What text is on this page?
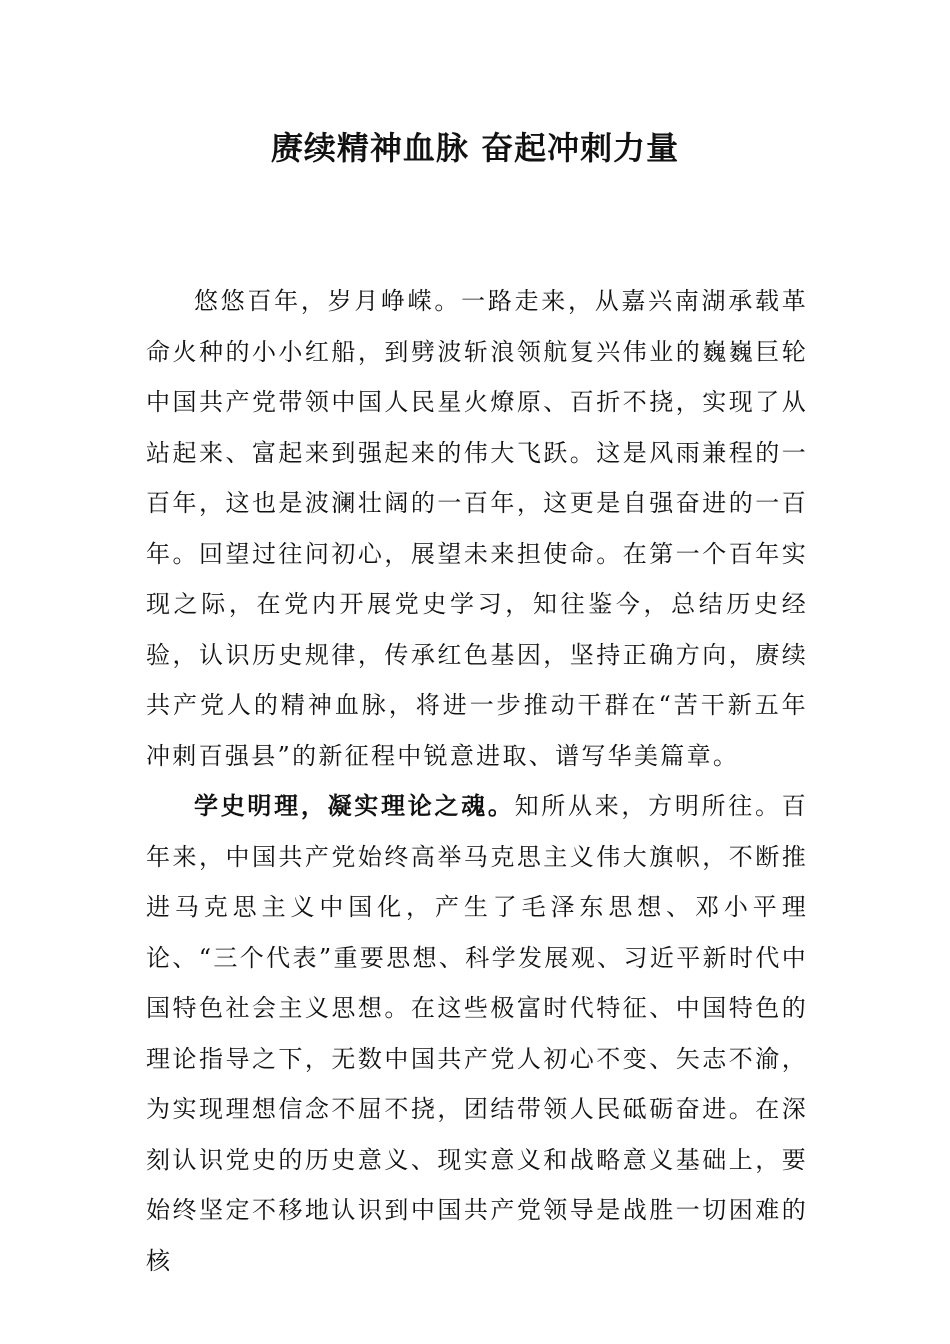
赓续精神血脉 奋起冲刺力量

悠悠百年，岁月峥嵘。一路走来，从嘉兴南湖承载革命火种的小小红船，到劈波斩浪领航复兴伟业的巍巍巨轮中国共产党带领中国人民星火燎原、百折不挠，实现了从站起来、富起来到强起来的伟大飞跃。这是风雨兼程的一百年，这也是波澜壮阔的一百年，这更是自强奋进的一百年。回望过往问初心，展望未来担使命。在第一个百年实现之际，在党内开展党史学习，知往鉴今，总结历史经验，认识历史规律，传承红色基因，坚持正确方向，赓续共产党人的精神血脉，将进一步推动干群在“苦干新五年 冲刺百强县”的新征程中锐意进取、谱写华美篇章。

学史明理，凝实理论之魂。知所从来，方明所往。百年来，中国共产党始终高举马克思主义伟大旗帜，不断推进马克思主义中国化，产生了毛泽东思想、邓小平理论、“三个代表”重要思想、科学发展观、习近平新时代中国特色社会主义思想。在这些极富时代特征、中国特色的理论指导之下，无数中国共产党人初心不变、矢志不渝，为实现理想信念不屈不挠，团结带领人民砥砺奋进。在深刻认识党史的历史意义、现实意义和战略意义基础上，要始终坚定不移地认识到中国共产党领导是战胜一切困难的核
